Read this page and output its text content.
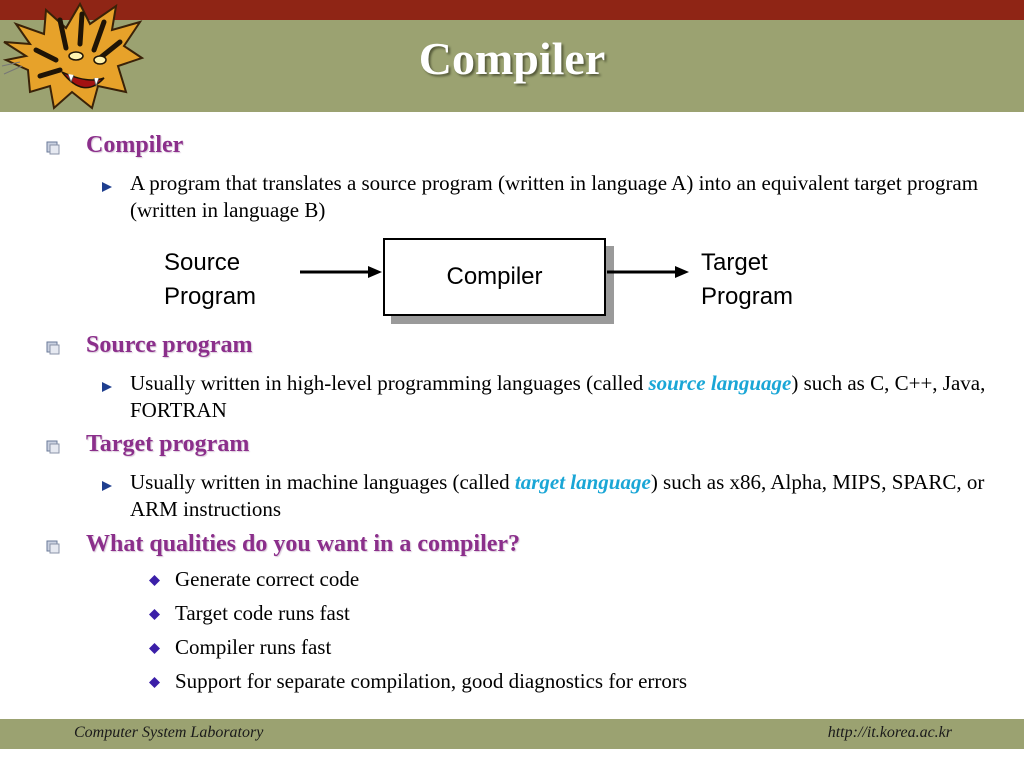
Compiler
Compiler
A program that translates a source program (written in language A) into an equivalent target program (written in language B)
Source
Program
Compiler
Target
Program
Source program
Usually written in high-level programming languages (called source language) such as C, C++, Java, FORTRAN
Target program
Usually written in machine languages (called target language) such as x86, Alpha, MIPS, SPARC, or ARM instructions
What qualities do you want in a compiler?
Generate correct code
Target code runs fast
Compiler runs fast
Support for separate compilation, good diagnostics for errors
Computer System Laboratory	http://it.korea.ac.kr
